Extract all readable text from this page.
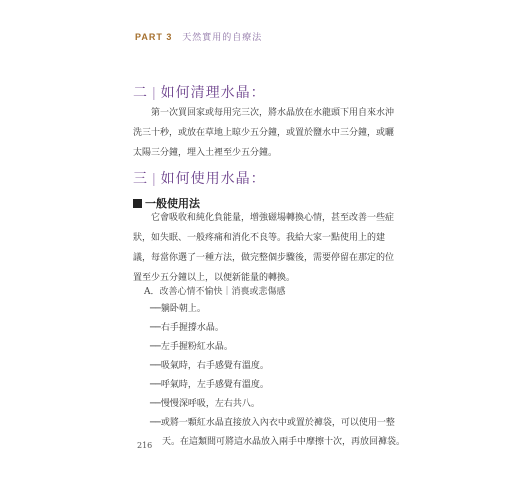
PART 3 天然實用的自療法
二 | 如何清理水晶：

第一次買回家或每用完三次，將水晶放在水龍頭下用自來水沖洗三十秒，或放在草地上晾少五分鐘，或置於鹽水中三分鐘，或曬太陽三分鐘，埋入土裡至少五分鐘。

三 | 如何使用水晶：
一般使用法

它會吸收和純化負能量，增強磁場轉換心情，甚至改善一些症狀，如失眠、一般疼痛和消化不良等。我給大家一點使用上的建議，每當你選了一種方法，做完整個步驟後，需要停留在那定的位置至少五分鐘以上，以便新能量的轉換。

A．改善心情不愉快｜消喪或悲傷感
──躺卧朝上。
──右手握撐水晶。
──左手握粉紅水晶。
──吸氣時，右手感覺有溫度。
──呼氣時，左手感覺有溫度。
──慢慢深呼吸，左右共八。
──或將一顆紅水晶直接放入內衣中或置於褲袋，可以使用一整
天。在這類間可將這水晶放入兩手中摩擦十次，再放回褲袋。
216
